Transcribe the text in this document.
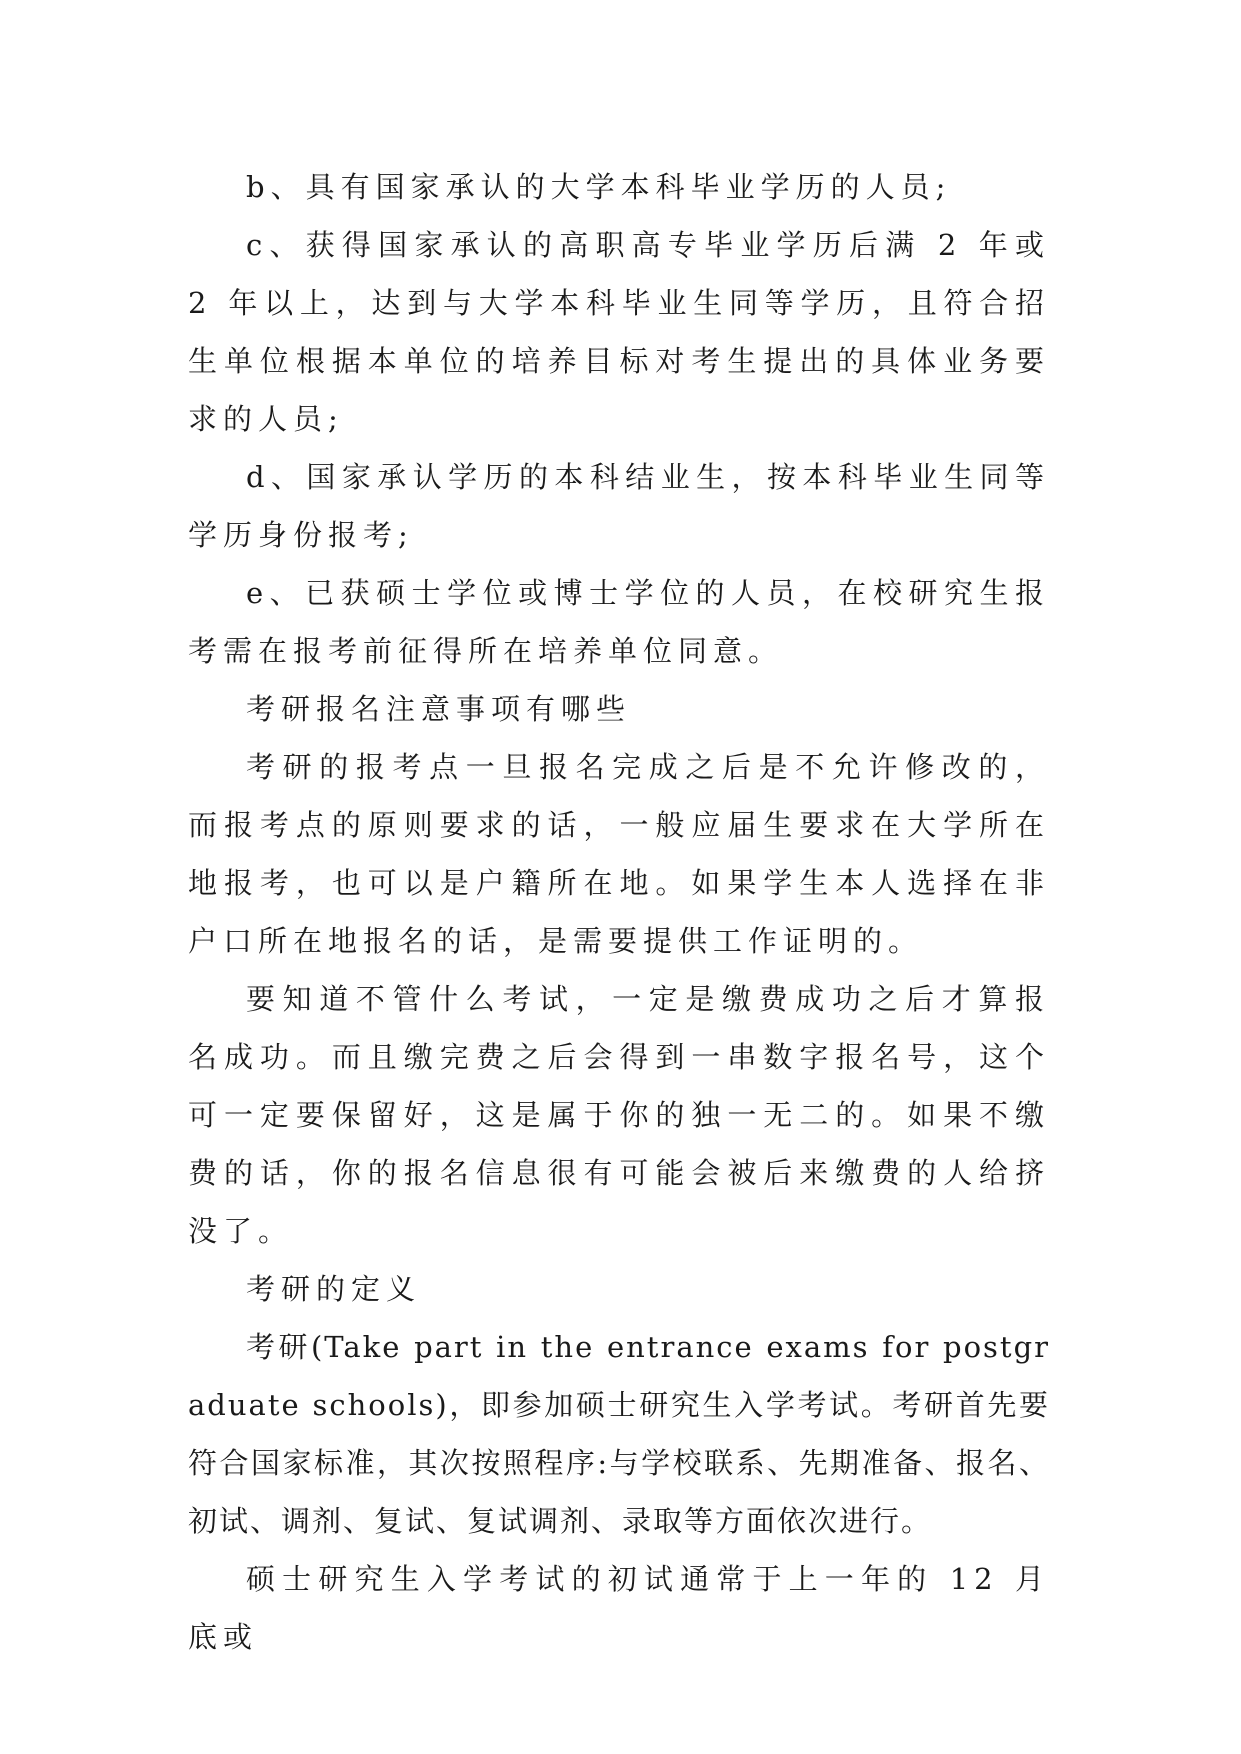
b、具有国家承认的大学本科毕业学历的人员;

c、获得国家承认的高职高专毕业学历后满 2 年或 2 年以上，达到与大学本科毕业生同等学历，且符合招生单位根据本单位的培养目标对考生提出的具体业务要求的人员;

d、国家承认学历的本科结业生，按本科毕业生同等学历身份报考;

e、已获硕士学位或博士学位的人员，在校研究生报考需在报考前征得所在培养单位同意。

考研报名注意事项有哪些

考研的报考点一旦报名完成之后是不允许修改的，而报考点的原则要求的话，一般应届生要求在大学所在地报考，也可以是户籍所在地。如果学生本人选择在非户口所在地报名的话，是需要提供工作证明的。

要知道不管什么考试，一定是缴费成功之后才算报名成功。而且缴完费之后会得到一串数字报名号，这个可一定要保留好，这是属于你的独一无二的。如果不缴费的话，你的报名信息很有可能会被后来缴费的人给挤没了。

考研的定义

考研(Take part in the entrance exams for postgraduate schools)，即参加硕士研究生入学考试。考研首先要符合国家标准，其次按照程序:与学校联系、先期准备、报名、初试、调剂、复试、复试调剂、录取等方面依次进行。

硕士研究生入学考试的初试通常于上一年的 12 月底或
